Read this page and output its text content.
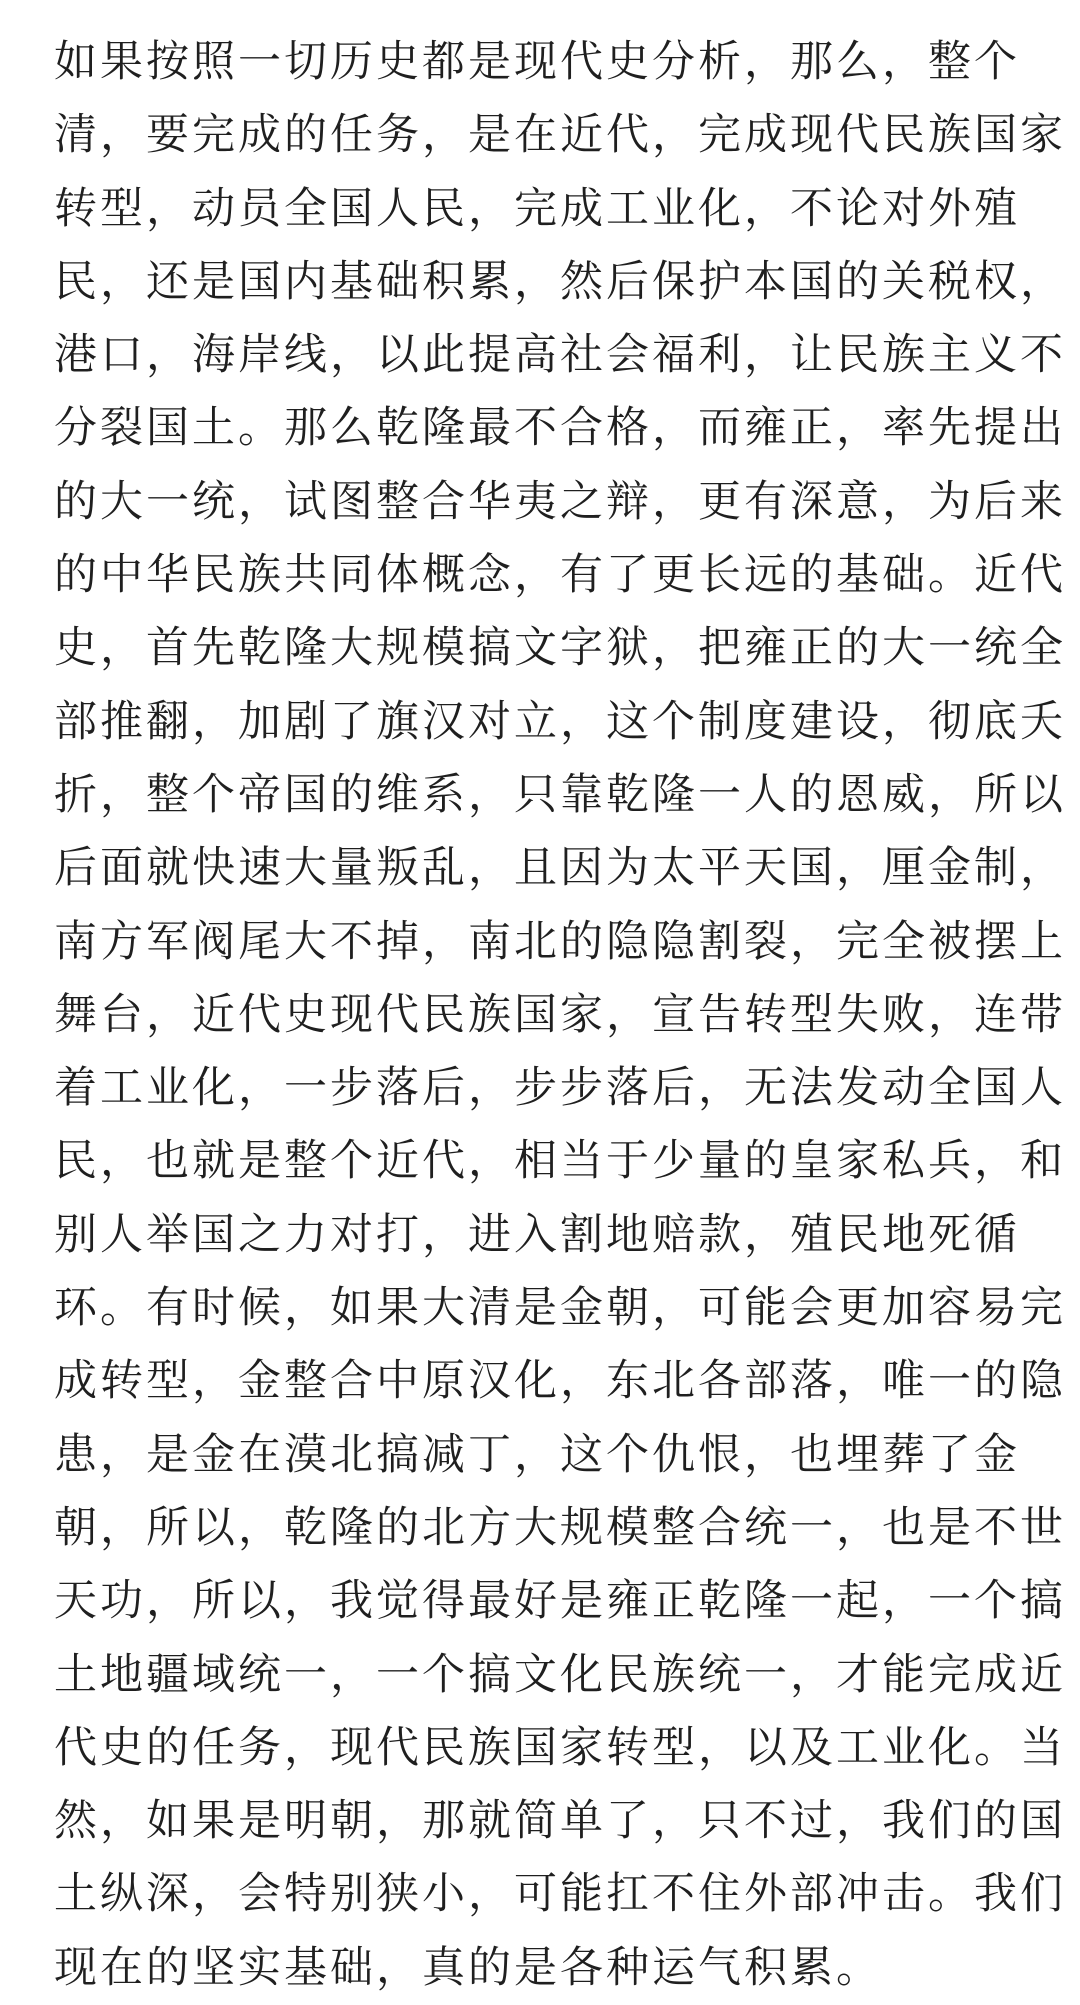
如果按照一切历史都是现代史分析，那么，整个
清，要完成的任务，是在近代，完成现代民族国家
转型，动员全国人民，完成工业化，不论对外殖
民，还是国内基础积累，然后保护本国的关税权，
港口，海岸线，以此提高社会福利，让民族主义不
分裂国土。那么乾隆最不合格，而雍正，率先提出
的大一统，试图整合华夷之辩，更有深意，为后来
的中华民族共同体概念，有了更长远的基础。近代
史，首先乾隆大规模搞文字狱，把雍正的大一统全
部推翻，加剧了旗汉对立，这个制度建设，彻底夭
折，整个帝国的维系，只靠乾隆一人的恩威，所以
后面就快速大量叛乱，且因为太平天国，厘金制，
南方军阀尾大不掉，南北的隐隐割裂，完全被摆上
舞台，近代史现代民族国家，宣告转型失败，连带
着工业化，一步落后，步步落后，无法发动全国人
民，也就是整个近代，相当于少量的皇家私兵，和
别人举国之力对打，进入割地赔款，殖民地死循
环。有时候，如果大清是金朝，可能会更加容易完
成转型，金整合中原汉化，东北各部落，唯一的隐
患，是金在漠北搞减丁，这个仇恨，也埋葬了金
朝，所以，乾隆的北方大规模整合统一，也是不世
天功，所以，我觉得最好是雍正乾隆一起，一个搞
土地疆域统一，一个搞文化民族统一，才能完成近
代史的任务，现代民族国家转型，以及工业化。当
然，如果是明朝，那就简单了，只不过，我们的国
土纵深，会特别狭小，可能扛不住外部冲击。我们
现在的坚实基础，真的是各种运气积累。
